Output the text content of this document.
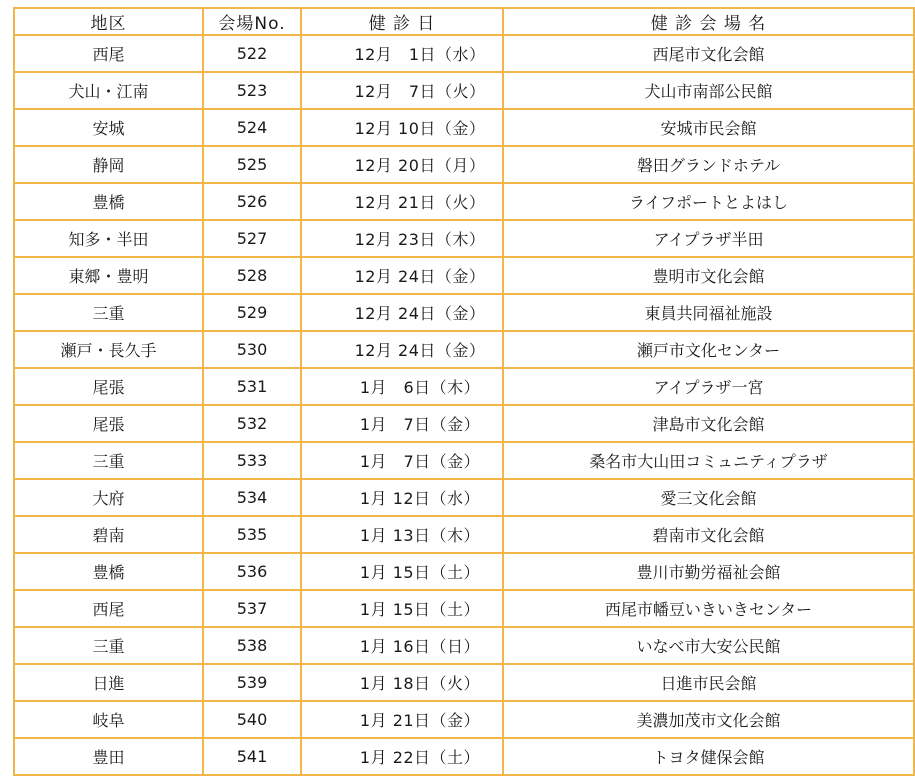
地区	会場No.	健 診 日	健 診 会 場 名
西尾	522	12月　1日（水）	西尾市文化会館
犬山・江南	523	12月　7日（火）	犬山市南部公民館
安城	524	12月 10日（金）	安城市民会館
静岡	525	12月 20日（月）	磐田グランドホテル
豊橋	526	12月 21日（火）	ライフポートとよはし
知多・半田	527	12月 23日（木）	アイプラザ半田
東郷・豊明	528	12月 24日（金）	豊明市文化会館
三重	529	12月 24日（金）	東員共同福祉施設
瀬戸・長久手	530	12月 24日（金）	瀬戸市文化センター
尾張	531	1月　6日（木）	アイプラザ一宮
尾張	532	1月　7日（金）	津島市文化会館
三重	533	1月　7日（金）	桑名市大山田コミュニティプラザ
大府	534	1月 12日（水）	愛三文化会館
碧南	535	1月 13日（木）	碧南市文化会館
豊橋	536	1月 15日（土）	豊川市勤労福祉会館
西尾	537	1月 15日（土）	西尾市幡豆いきいきセンター
三重	538	1月 16日（日）	いなべ市大安公民館
日進	539	1月 18日（火）	日進市民会館
岐阜	540	1月 21日（金）	美濃加茂市文化会館
豊田	541	1月 22日（土）	トヨタ健保会館
